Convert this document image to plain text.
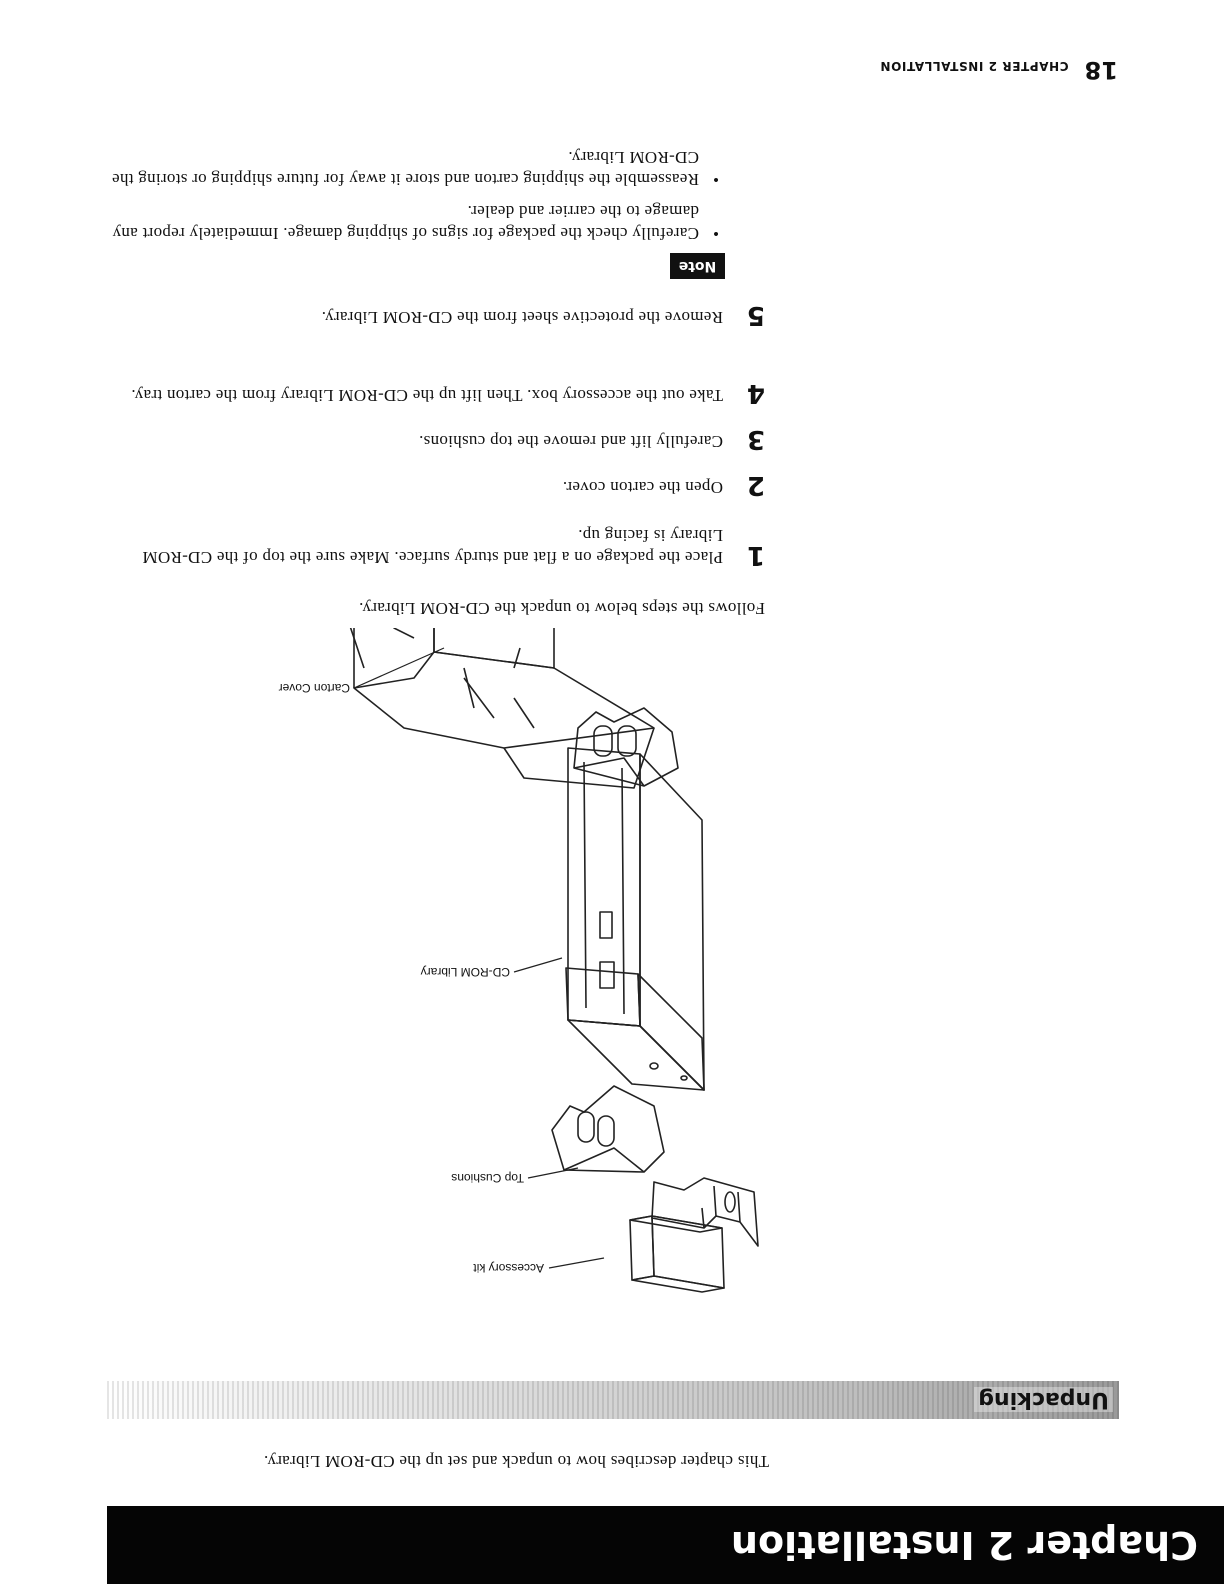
Chapter 2 Installation
This chapter describes how to unpack and set up the CD-ROM Library.
Unpacking
Accessory kit
Top Cushions
CD-ROM Library
Carton Cover
Follows the steps below to unpack the CD-ROM Library.
1
Place the package on a flat and sturdy surface. Make sure the top of the CD-ROM Library is facing up.
2
Open the carton cover.
3
Carefully lift and remove the top cushions.
4
Take out the accessory box. Then lift up the CD-ROM Library from the carton tray.
5
Remove the protective sheet from the CD-ROM Library.
Note
•
Carefully check the package for signs of shipping damage. Immediately report any damage to the carrier and dealer.
•
Reassemble the shipping carton and store it away for future shipping or storing the CD-ROM Library.
18
CHAPTER 2 INSTALLATION
